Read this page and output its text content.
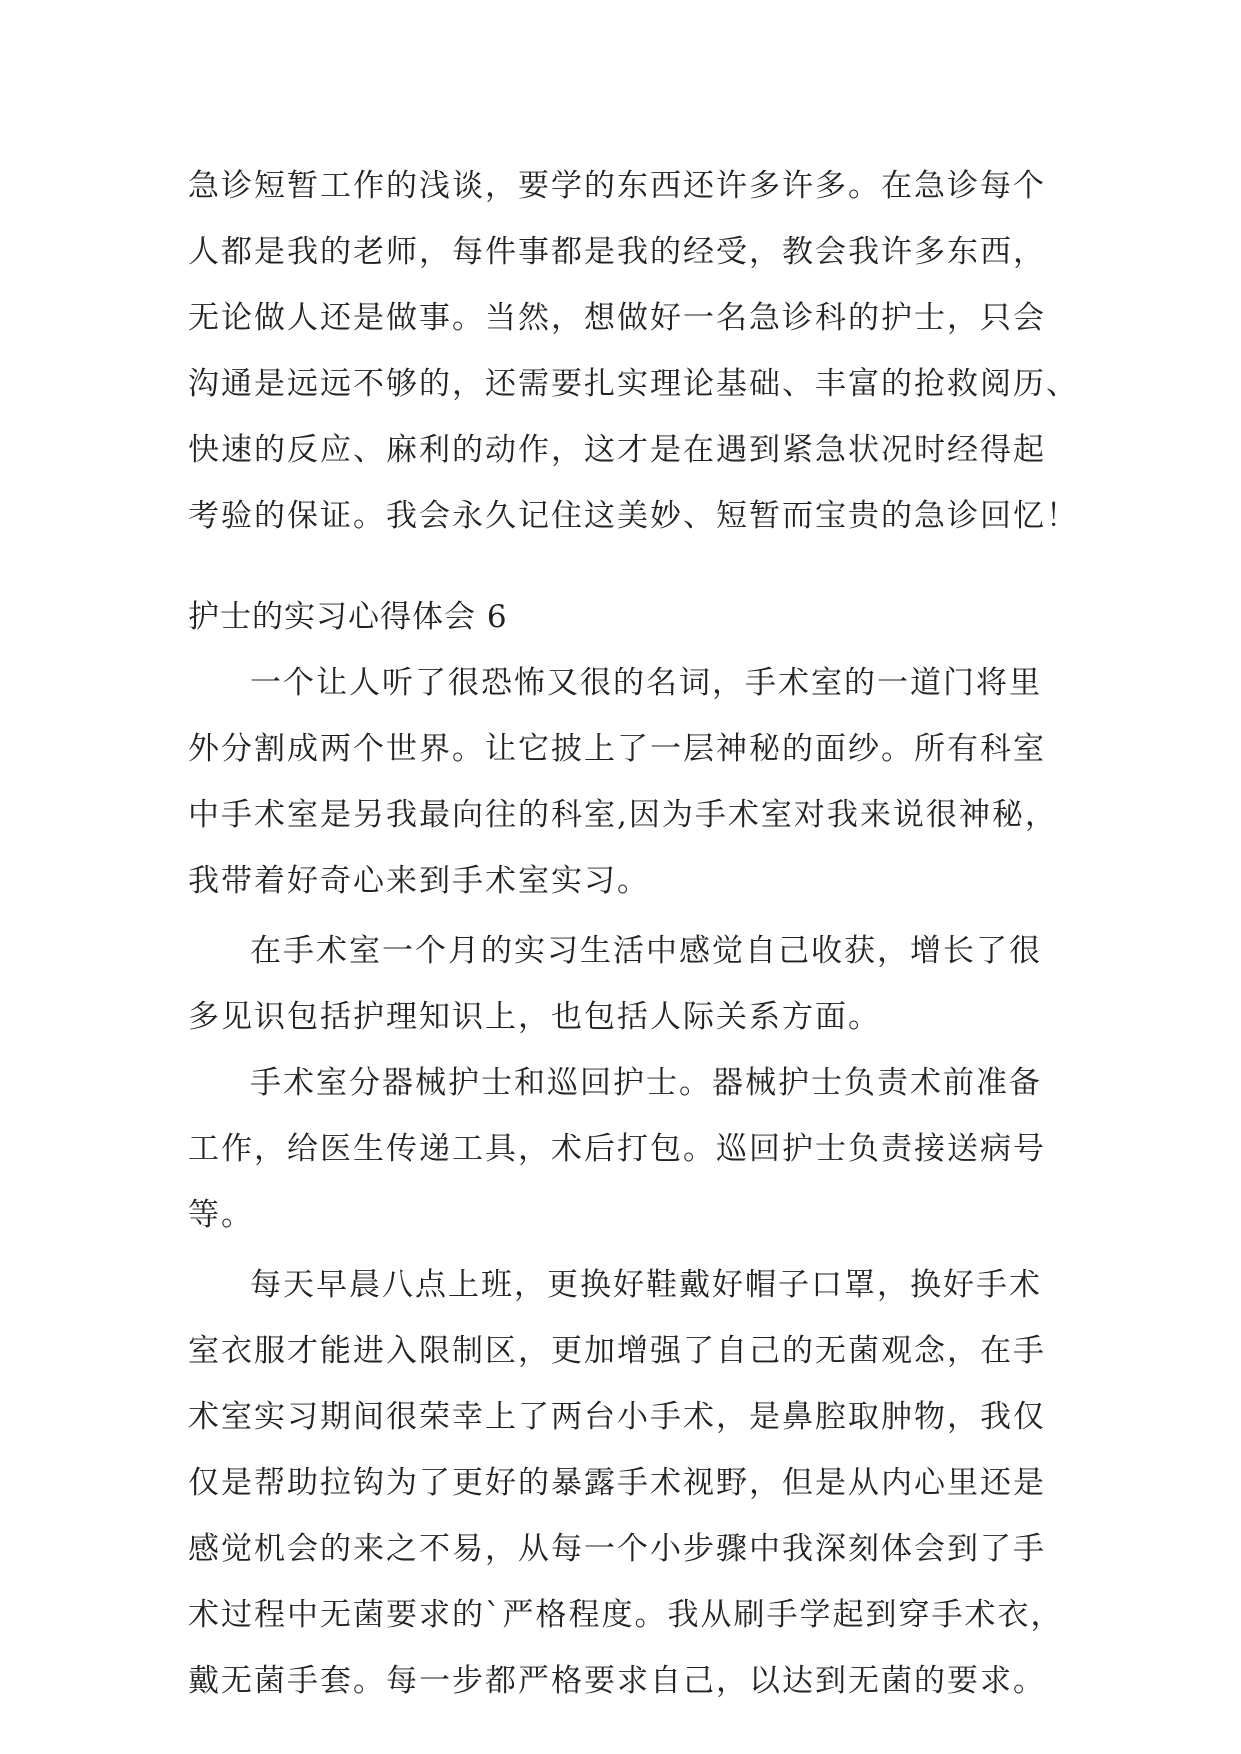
急诊短暂工作的浅谈，要学的东西还许多许多。在急诊每个
人都是我的老师，每件事都是我的经受，教会我许多东西，
无论做人还是做事。当然，想做好一名急诊科的护士，只会
沟通是远远不够的，还需要扎实理论基础、丰富的抢救阅历、
快速的反应、麻利的动作，这才是在遇到紧急状况时经得起
考验的保证。我会永久记住这美妙、短暂而宝贵的急诊回忆！
护士的实习心得体会 6
一个让人听了很恐怖又很的名词，手术室的一道门将里
外分割成两个世界。让它披上了一层神秘的面纱。所有科室
中手术室是另我最向往的科室,因为手术室对我来说很神秘，
我带着好奇心来到手术室实习。
在手术室一个月的实习生活中感觉自己收获，增长了很
多见识包括护理知识上，也包括人际关系方面。
手术室分器械护士和巡回护士。器械护士负责术前准备
工作，给医生传递工具，术后打包。巡回护士负责接送病号
等。
每天早晨八点上班，更换好鞋戴好帽子口罩，换好手术
室衣服才能进入限制区，更加增强了自己的无菌观念，在手
术室实习期间很荣幸上了两台小手术，是鼻腔取肿物，我仅
仅是帮助拉钩为了更好的暴露手术视野，但是从内心里还是
感觉机会的来之不易，从每一个小步骤中我深刻体会到了手
术过程中无菌要求的`严格程度。我从刷手学起到穿手术衣，
戴无菌手套。每一步都严格要求自己，以达到无菌的要求。
